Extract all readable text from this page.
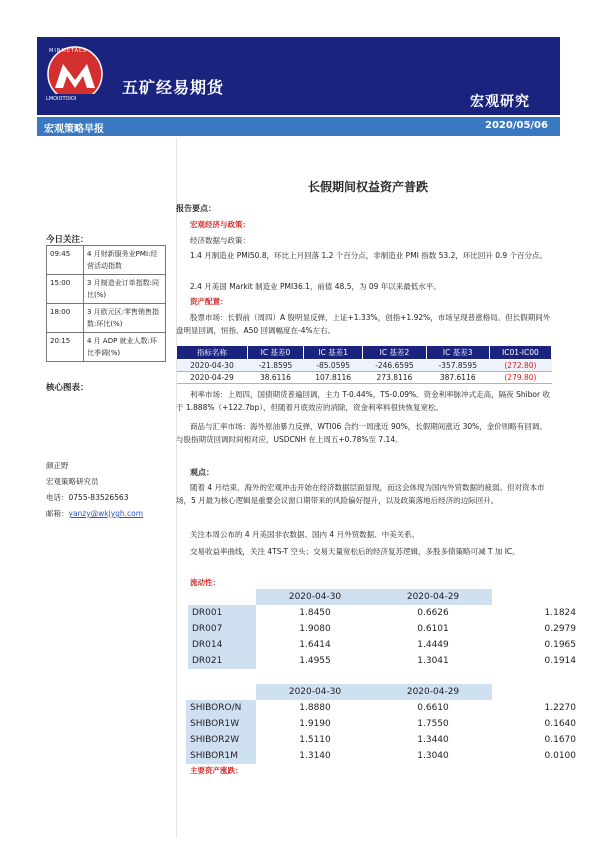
MINMETALS
LMOIOTOIOI
五矿经易期货
宏观研究
宏观策略早报	2020/05/06
今日关注：
09:45	4 月财新服务业PMI:经营活动指数
15:00	3 月制造业订单指数:同比(%)
18:00	3 月欧元区:零售销售指数:环比(%)
20:15	4 月 ADP 就业人数:环比季调(%)
核心图表：
颜正野
宏观策略研究员
电话：0755-83526563
邮箱：yanzy@wkjygh.com
长假期间权益资产普跌
报告要点：
宏观经济与政策：
经济数据与政策：
1.4 月制造业 PMI50.8，环比上月回落 1.2 个百分点，非制造业 PMI 指数 53.2，环比回升 0.9 个百分点。
2.4 月美国 Markit 制造业 PMI36.1，前值 48.5，为 09 年以来最低水平。
资产配置：
股票市场：长假前（周四）A 股明显反弹，上证+1.33%，创指+1.92%，市场呈现普涨格局。但长假期间外盘明显回调，恒指、A50 回调幅度在-4%左右。
指标名称	IC 基差0	IC 基差1	IC 基差2	IC 基差3	IC01-IC00
2020-04-30	-21.8595	-85.0595	-246.6595	-357.8595	(272.80)
2020-04-29	38.6116	107.8116	273.8116	387.6116	(279.80)
利率市场：上周四，国债期货普遍回调，主力 T-0.44%，TS-0.09%。资金利率脉冲式走高，隔夜 Shibor 收于 1.888%（+122.7bp），但随着月底效应的消除，资金利率料很快恢复宽松。
商品与汇率市场：海外原油暴力反弹，WTI06 合约一周涨近 90%，长假期间涨近 30%，金价则略有回调。与股指期货回调时间相对应，USDCNH 在上周五+0.78%至 7.14。
观点：
随着 4 月结束，海外的宏观冲击开始在经济数据层面显现，而这会体现为国内外贸数据的疲弱。但对资本市场，5 月最为核心逻辑是重要会议窗口期带来的风险偏好提升，以及政策落地后经济的边际回升。
关注本周公布的 4 月美国非农数据、国内 4 月外贸数据、中美关系。
交易收益率曲线，关注 4TS-T 空头；交易天量宽松后的经济复苏逻辑，多股多债策略可减 T 加 IC。
流动性：
	2020-04-30	2020-04-29	
DR001	1.8450	0.6626	1.1824
DR007	1.9080	0.6101	0.2979
DR014	1.6414	1.4449	0.1965
DR021	1.4955	1.3041	0.1914
	2020-04-30	2020-04-29	
SHIBORO/N	1.8880	0.6610	1.2270
SHIBOR1W	1.9190	1.7550	0.1640
SHIBOR2W	1.5110	1.3440	0.1670
SHIBOR1M	1.3140	1.3040	0.0100
主要资产涨跌：
